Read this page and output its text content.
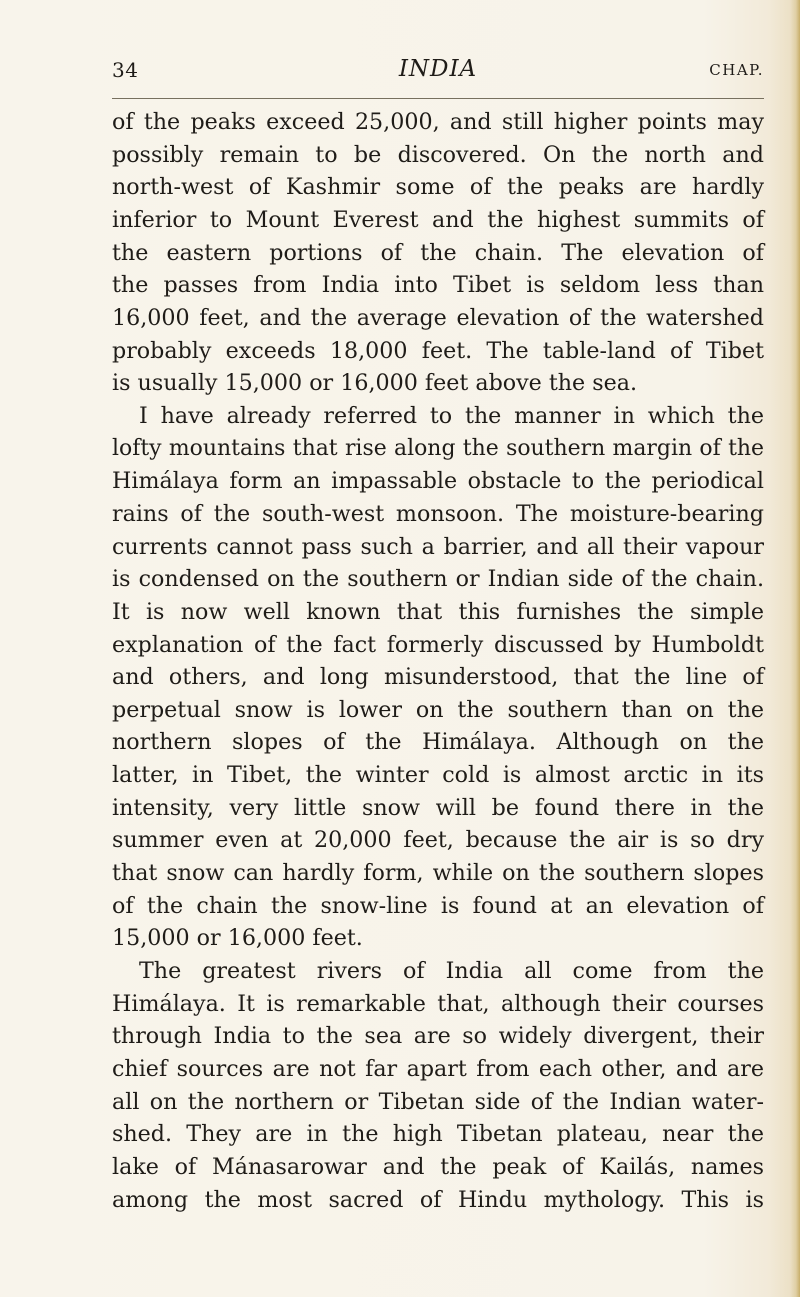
34	INDIA	CHAP.

of the peaks exceed 25,000, and still higher points may

possibly remain to be discovered. On the north and

north-west of Kashmir some of the peaks are hardly

inferior to Mount Everest and the highest summits of

the eastern portions of the chain. The elevation of

the passes from India into Tibet is seldom less than

16,000 feet, and the average elevation of the watershed

probably exceeds 18,000 feet. The table-land of Tibet

is usually 15,000 or 16,000 feet above the sea.

I have already referred to the manner in which the

lofty mountains that rise along the southern margin of the

Himálaya form an impassable obstacle to the periodical

rains of the south-west monsoon. The moisture-bearing

currents cannot pass such a barrier, and all their vapour

is condensed on the southern or Indian side of the chain.

It is now well known that this furnishes the simple

explanation of the fact formerly discussed by Humboldt

and others, and long misunderstood, that the line of

perpetual snow is lower on the southern than on the

northern slopes of the Himálaya. Although on the

latter, in Tibet, the winter cold is almost arctic in its

intensity, very little snow will be found there in the

summer even at 20,000 feet, because the air is so dry

that snow can hardly form, while on the southern slopes

of the chain the snow-line is found at an elevation of

15,000 or 16,000 feet.

The greatest rivers of India all come from the

Himálaya. It is remarkable that, although their courses

through India to the sea are so widely divergent, their

chief sources are not far apart from each other, and are

all on the northern or Tibetan side of the Indian water-

shed. They are in the high Tibetan plateau, near the

lake of Mánasarowar and the peak of Kailás, names

among the most sacred of Hindu mythology. This is
